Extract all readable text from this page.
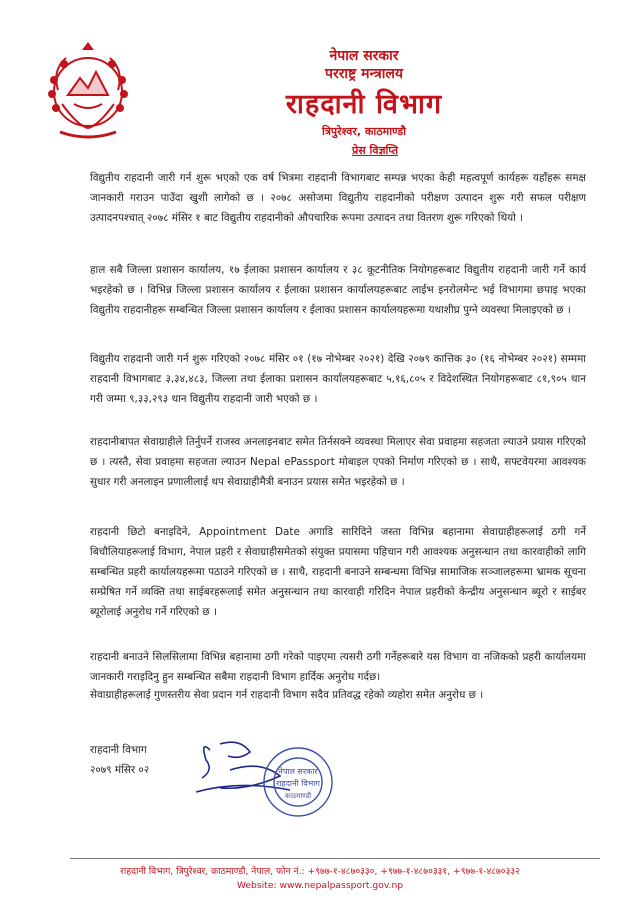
नेपाल सरकार
परराष्ट्र मन्त्रालय
राहदानी विभाग
त्रिपुरेश्वर, काठमाण्डौ
प्रेस विज्ञप्ति
विद्युतीय राहदानी जारी गर्न शुरू भएको एक वर्ष भित्रमा राहदानी विभागबाट सम्पन्न भएका केही महत्वपूर्ण कार्यहरू यहाँहरू समक्ष जानकारी गराउन पाउँदा खुशी लागेको छ । २०७८ असोजमा विद्युतीय राहदानीको परीक्षण उत्पादन शुरू गरी सफल परीक्षण उत्पादनपश्चात् २०७८ मंसिर १ बाट विद्युतीय राहदानीको औपचारिक रूपमा उत्पादन तथा वितरण शुरू गरिएको थियो ।
हाल सबै जिल्ला प्रशासन कार्यालय, १७ ईलाका प्रशासन कार्यालय र ३८ कूटनीतिक नियोगहरूबाट विद्युतीय राहदानी जारी गर्ने कार्य भइरहेको छ । विभिन्न जिल्ला प्रशासन कार्यालय र ईलाका प्रशासन कार्यालयहरूबाट लाईभ इनरोलमेन्ट भई विभागमा छपाइ भएका विद्युतीय राहदानीहरू सम्बन्धित जिल्ला प्रशासन कार्यालय र ईलाका प्रशासन कार्यालयहरूमा यथाशीघ्र पुग्ने व्यवस्था मिलाइएको छ ।
विद्युतीय राहदानी जारी गर्न शुरू गरिएको २०७८ मंसिर ०१ (१७ नोभेम्बर २०२१) देखि २०७९ कात्तिक ३० (१६ नोभेम्बर २०२१) सम्ममा राहदानी विभागबाट ३,३४,४८३, जिल्ला तथा ईलाका प्रशासन कार्यालयहरूबाट ५,१६,८०५ र विदेशस्थित नियोगहरूबाट ८१,९०५ थान गरी जम्मा ९,३३,२९३ थान विद्युतीय राहदानी जारी भएको छ ।
राहदानीबापत सेवाग्राहीले तिर्नुपर्ने राजस्व अनलाइनबाट समेत तिर्नसक्ने व्यवस्था मिलाएर सेवा प्रवाहमा सहजता ल्याउने प्रयास गरिएको छ । त्यस्तै, सेवा प्रवाहमा सहजता ल्याउन Nepal ePassport मोबाइल एपको निर्माण गरिएको छ । साथै, सफ्टवेयरमा आवश्यक सुधार गरी अनलाइन प्रणालीलाई थप सेवाग्राहीमैत्री बनाउन प्रयास समेत भइरहेको छ ।
राहदानी छिटो बनाइदिने, Appointment Date अगाडि सारिदिने जस्ता विभिन्न बहानामा सेवाग्राहीहरूलाई ठगी गर्ने बिचौलियाहरूलाई विभाग, नेपाल प्रहरी र सेवाग्राहीसमेतको संयुक्त प्रयासमा पहिचान गरी आवश्यक अनुसन्धान तथा कारवाहीको लागि सम्बन्धित प्रहरी कार्यालयहरूमा पठाउने गरिएको छ । साथै, राहदानी बनाउने सम्बन्धमा विभिन्न सामाजिक सञ्जालहरूमा भ्रामक सूचना सम्प्रेषित गर्ने व्यक्ति तथा साईबरहरूलाई समेत अनुसन्धान तथा कारवाही गरिदिन नेपाल प्रहरीको केन्द्रीय अनुसन्धान ब्यूरो र साईबर ब्यूरोलाई अनुरोध गर्ने गरिएको छ ।
राहदानी बनाउने सिलसिलामा विभिन्न बहानामा ठगी गरेको पाइएमा त्यसरी ठगी गर्नेहरूबारे यस विभाग वा नजिकको प्रहरी कार्यालयमा जानकारी गराइदिनु हुन सम्बन्धित सबैमा राहदानी विभाग हार्दिक अनुरोध गर्दछ।
सेवाग्राहीहरूलाई गुणस्तरीय सेवा प्रदान गर्न राहदानी विभाग सदैव प्रतिवद्ध रहेको व्यहोरा समेत अनुरोध छ ।
राहदानी विभाग
२०७९ मंसिर ०२	नेपाल सरकार
राहदानी विभाग
काठमाण्डौ
राहदानी विभाग, त्रिपुरेश्वर, काठमाण्डौ, नेपाल, फोन नं.: +९७७-१-४८७०३३०, +९७७-१-४८७०३३१, +९७७-१-४८७०३३२
Website: www.nepalpassport.gov.np
